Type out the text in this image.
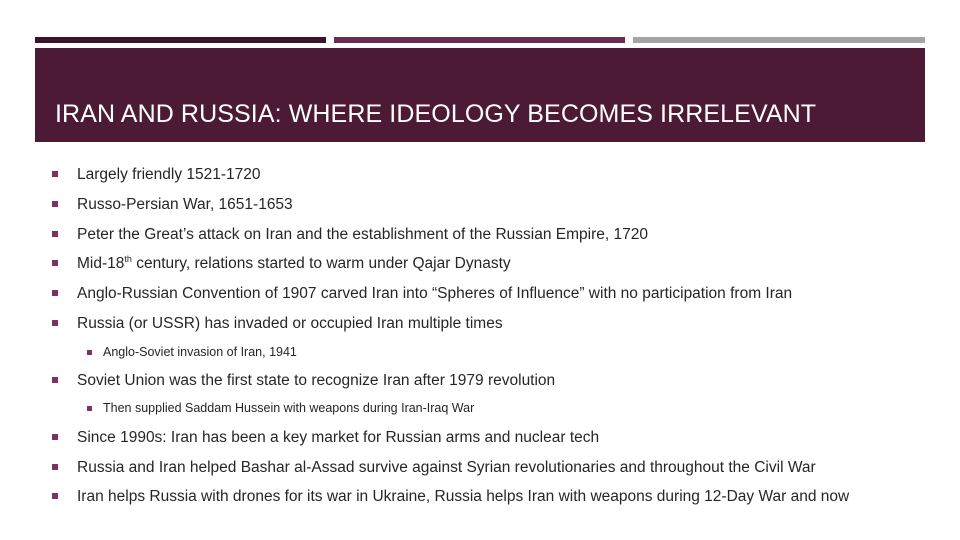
IRAN AND RUSSIA: WHERE IDEOLOGY BECOMES IRRELEVANT
Largely friendly 1521-1720
Russo-Persian War, 1651-1653
Peter the Great’s attack on Iran and the establishment of the Russian Empire, 1720
Mid-18th century, relations started to warm under Qajar Dynasty
Anglo-Russian Convention of 1907 carved Iran into “Spheres of Influence” with no participation from Iran
Russia (or USSR) has invaded or occupied Iran multiple times
Anglo-Soviet invasion of Iran, 1941
Soviet Union was the first state to recognize Iran after 1979 revolution
Then supplied Saddam Hussein with weapons during Iran-Iraq War
Since 1990s: Iran has been a key market for Russian arms and nuclear tech
Russia and Iran helped Bashar al-Assad survive against Syrian revolutionaries and throughout the Civil War
Iran helps Russia with drones for its war in Ukraine, Russia helps Iran with weapons during 12-Day War and now
